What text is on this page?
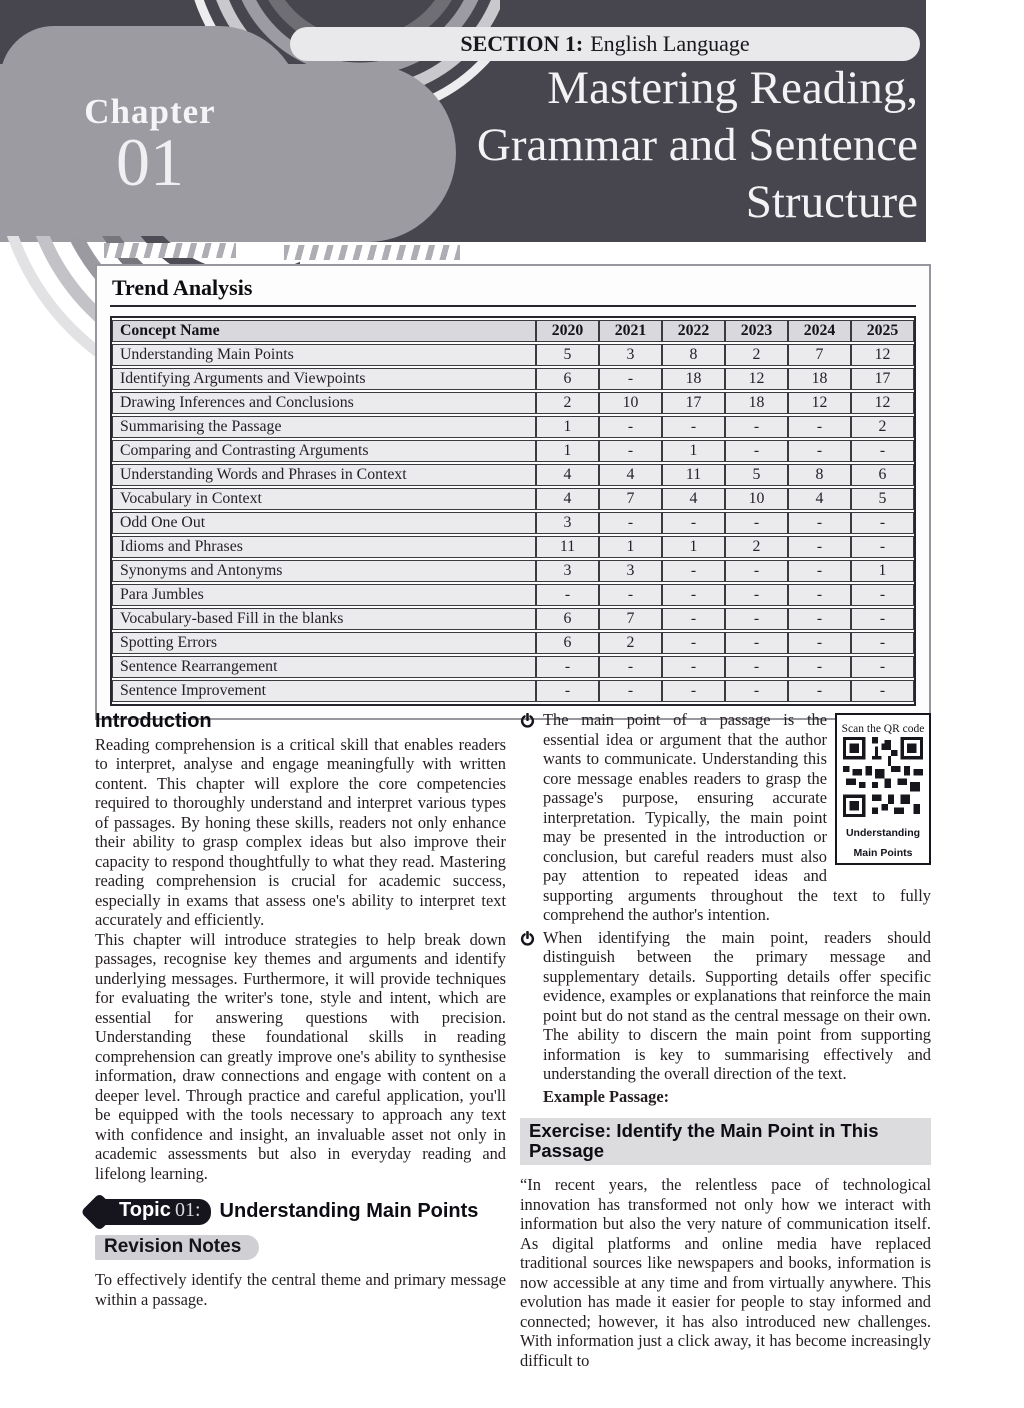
Chapter
01
SECTION 1: English Language
Mastering Reading,
Grammar and Sentence
Structure
Trend Analysis
Concept Name	2020	2021	2022	2023	2024	2025
Understanding Main Points	5	3	8	2	7	12
Identifying Arguments and Viewpoints	6	-	18	12	18	17
Drawing Inferences and Conclusions	2	10	17	18	12	12
Summarising the Passage	1	-	-	-	-	2
Comparing and Contrasting Arguments	1	-	1	-	-	-
Understanding Words and Phrases in Context	4	4	11	5	8	6
Vocabulary in Context	4	7	4	10	4	5
Odd One Out	3	-	-	-	-	-
Idioms and Phrases	11	1	1	2	-	-
Synonyms and Antonyms	3	3	-	-	-	1
Para Jumbles	-	-	-	-	-	-
Vocabulary-based Fill in the blanks	6	7	-	-	-	-
Spotting Errors	6	2	-	-	-	-
Sentence Rearrangement	-	-	-	-	-	-
Sentence Improvement	-	-	-	-	-	-
Introduction

Reading comprehension is a critical skill that enables readers to interpret, analyse and engage meaningfully with written content. This chapter will explore the core competencies required to thoroughly understand and interpret various types of passages. By honing these skills, readers not only enhance their ability to grasp complex ideas but also improve their capacity to respond thoughtfully to what they read. Mastering reading comprehension is crucial for academic success, especially in exams that assess one's ability to interpret text accurately and efficiently.

This chapter will introduce strategies to help break down passages, recognise key themes and arguments and identify underlying messages. Furthermore, it will provide techniques for evaluating the writer's tone, style and intent, which are essential for answering questions with precision. Understanding these foundational skills in reading comprehension can greatly improve one's ability to synthesise information, draw connections and engage with content on a deeper level. Through practice and careful application, you'll be equipped with the tools necessary to approach any text with confidence and insight, an invaluable asset not only in academic assessments but also in everyday reading and lifelong learning.

Topic 01: Understanding Main Points
Revision Notes

To effectively identify the central theme and primary message within a passage.

Scan the QR code  Understanding Main Points
The main point of a passage is the essential idea or argument that the author wants to communicate. Understanding this core message enables readers to grasp the passage's purpose, ensuring accurate interpretation. Typically, the main point may be presented in the introduction or conclusion, but careful readers must also pay attention to repeated ideas and supporting arguments throughout the text to fully comprehend the author's intention.
When identifying the main point, readers should distinguish between the primary message and supplementary details. Supporting details offer specific evidence, examples or explanations that reinforce the main point but do not stand as the central message on their own. The ability to discern the main point from supporting information is key to summarising effectively and understanding the overall direction of the text.
Example Passage:
Exercise: Identify the Main Point in This Passage

“In recent years, the relentless pace of technological innovation has transformed not only how we interact with information but also the very nature of communication itself. As digital platforms and online media have replaced traditional sources like newspapers and books, information is now accessible at any time and from virtually anywhere. This evolution has made it easier for people to stay informed and connected; however, it has also introduced new challenges. With information just a click away, it has become increasingly difficult to
